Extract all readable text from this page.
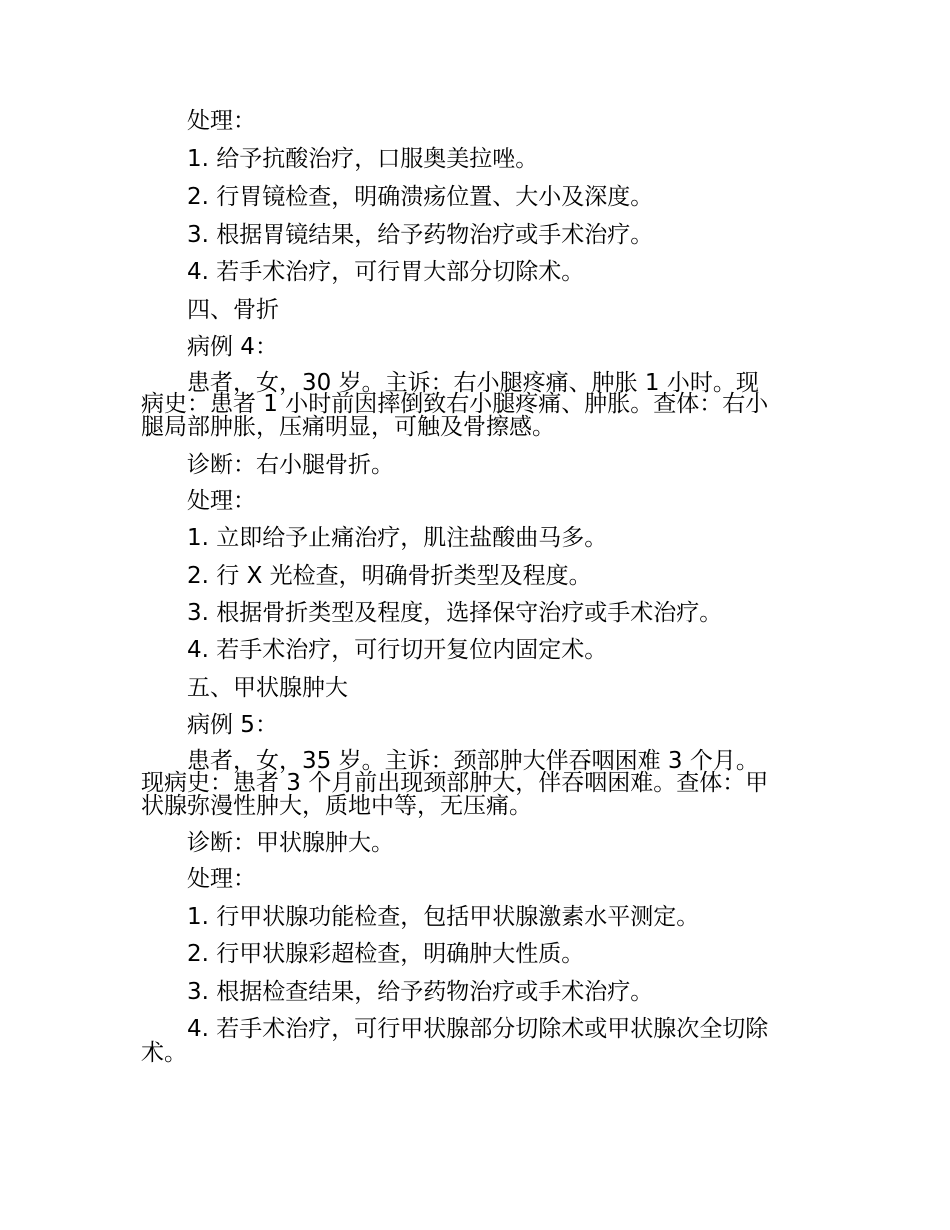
处理：
1. 给予抗酸治疗，口服奥美拉唑。
2. 行胃镜检查，明确溃疡位置、大小及深度。
3. 根据胃镜结果，给予药物治疗或手术治疗。
4. 若手术治疗，可行胃大部分切除术。
四、骨折
病例 4：
患者，女，30 岁。主诉：右小腿疼痛、肿胀 1 小时。现
病史：患者 1 小时前因摔倒致右小腿疼痛、肿胀。查体：右小
腿局部肿胀，压痛明显，可触及骨擦感。
诊断：右小腿骨折。
处理：
1. 立即给予止痛治疗，肌注盐酸曲马多。
2. 行 X 光检查，明确骨折类型及程度。
3. 根据骨折类型及程度，选择保守治疗或手术治疗。
4. 若手术治疗，可行切开复位内固定术。
五、甲状腺肿大
病例 5：
患者，女，35 岁。主诉：颈部肿大伴吞咽困难 3 个月。
现病史：患者 3 个月前出现颈部肿大，伴吞咽困难。查体：甲
状腺弥漫性肿大，质地中等，无压痛。
诊断：甲状腺肿大。
处理：
1. 行甲状腺功能检查，包括甲状腺激素水平测定。
2. 行甲状腺彩超检查，明确肿大性质。
3. 根据检查结果，给予药物治疗或手术治疗。
4. 若手术治疗，可行甲状腺部分切除术或甲状腺次全切除
术。
